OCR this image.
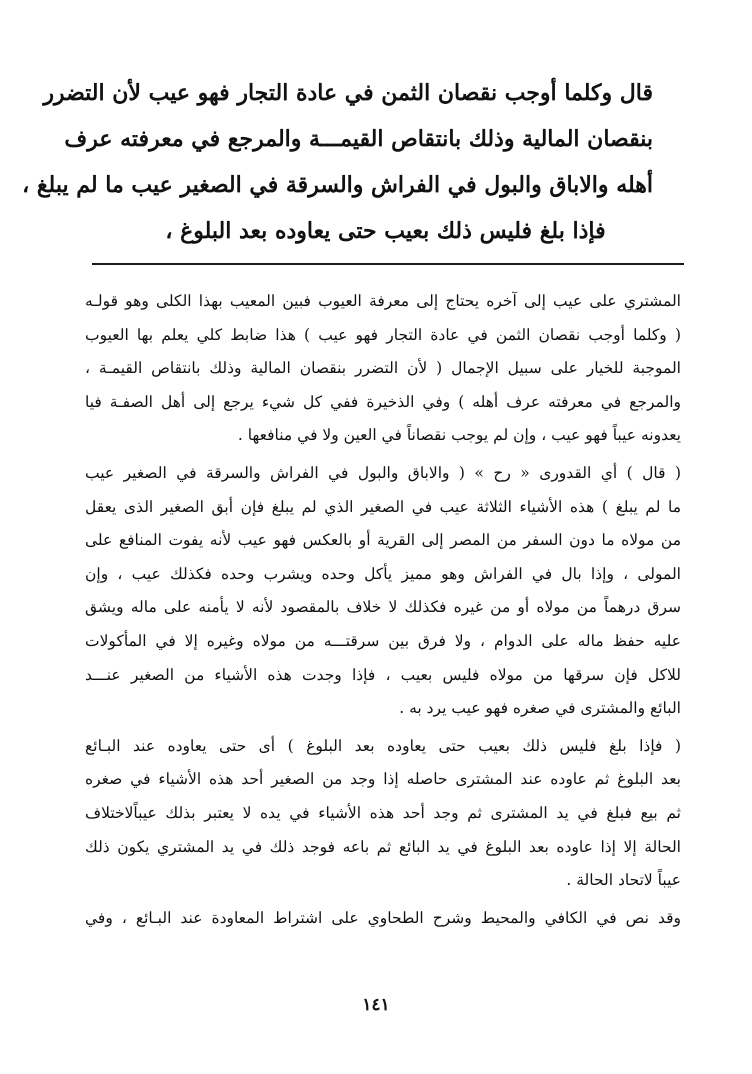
قال وكلما أوجب نقصان الثمن في عادة التجار فهو عيب لأن التضرر
بنقصان المالية وذلك بانتقاص القيمـــة والمرجع في معرفته عرف
أهله والاباق والبول في الفراش والسرقة في الصغير عيب ما لم يبلغ ،
فإذا بلغ فليس ذلك بعيب حتى يعاوده بعد البلوغ ،
المشتري على عيب إلى آخره يحتاج إلى معرفة العيوب فبين المعيب بهذا الكلى وهو قولـه
( وكلما أوجب نقصان الثمن في عادة التجار فهو عيب ) هذا ضابط كلي يعلم بها العيوب
الموجبة للخيار على سبيل الإجمال ( لأن التضرر بنقصان المالية وذلك بانتقاص القيمـة ،
والمرجع في معرفته عرف أهله ) وفي الذخيرة ففي كل شيء يرجع إلى أهل الصفـة فيا
يعدونه عيباً فهو عيب ، وإن لم يوجب نقصاناً في العين ولا في منافعها .
( قال ) أي القدورى « رح » ( والاباق والبول في الفراش والسرقة في الصغير عيب
ما لم يبلغ ) هذه الأشياء الثلاثة عيب في الصغير الذي لم يبلغ فإن أبق الصغير الذى يعقل
من مولاه ما دون السفر من المصر إلى القرية أو بالعكس فهو عيب لأنه يفوت المنافع على
المولى ، وإذا بال في الفراش وهو مميز يأكل وحده ويشرب وحده فكذلك عيب ، وإن
سرق درهماً من مولاه أو من غيره فكذلك لا خلاف بالمقصود لأنه لا يأمنه على ماله ويشق
عليه حفظ ماله على الدوام ، ولا فرق بين سرقتـــه من مولاه وغيره إلا في المأكولات
للاكل فإن سرقها من مولاه فليس بعيب ، فإذا وجدت هذه الأشياء من الصغير عنـــد
البائع والمشترى في صغره فهو عيب يرد به .
( فإذا بلغ فليس ذلك بعيب حتى يعاوده بعد البلوغ ) أى حتى يعاوده عند البـائع
بعد البلوغ ثم عاوده عند المشترى حاصله إذا وجد من الصغير أحد هذه الأشياء في صغره
ثم بيع فبلغ في يد المشترى ثم وجد أحد هذه الأشياء في يده لا يعتبر بذلك عيباًلاختلاف
الحالة إلا إذا عاوده بعد البلوغ في يد البائع ثم باعه فوجد ذلك في يد المشتري يكون ذلك
عيباً لاتحاد الحالة .
وقد نص في الكافي والمحيط وشرح الطحاوي على اشتراط المعاودة عند البـائع ، وفي
١٤١
